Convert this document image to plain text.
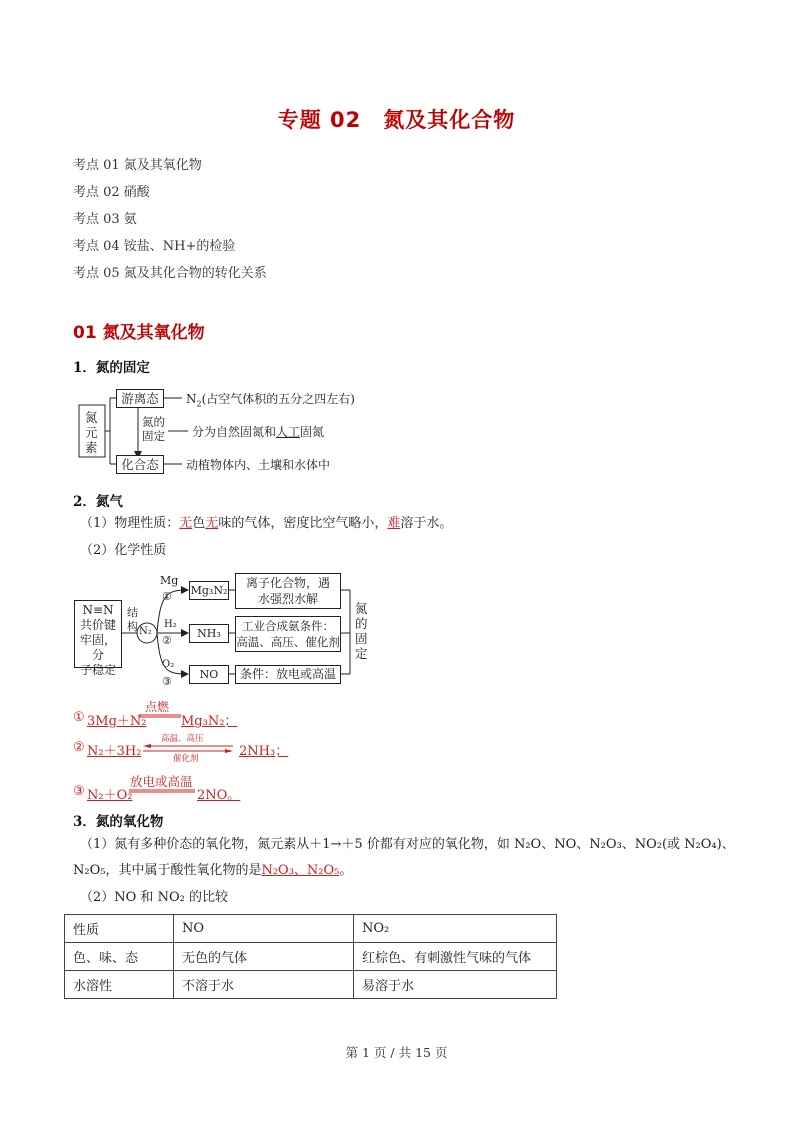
专题 02　氮及其化合物
考点 01 氮及其氧化物
考点 02 硝酸
考点 03 氨
考点 04 铵盐、NH+的检验
考点 05 氮及其化合物的转化关系
01 氮及其氧化物
1．氮的固定
氮
元
素
游离态
化合态
氮的
固定
$N_2$(占空气体积的五分之四左右)
分为自然固氮和人工固氮
动植物体内、土壤和水体中
2．氮气
（1）物理性质：无色无味的气体，密度比空气略小，难溶于水。
（2）化学性质
N≡N
共价键
牢固，分
子稳定
结
构 N₂
Mg
①
H₂
②
O₂
③
Mg₃N₂
NH₃
NO
离子化合物，遇
水强烈水解
工业合成氨条件：
高温、高压、催化剂
条件：放电或高温
氮
的
固
定
① 3Mg＋N₂
点燃
Mg₃N₂；
② N₂＋3H₂
高温、高压
催化剂	2NH₃；
③ N₂＋O₂
放电或高温
2NO。
3．氮的氧化物
（1）氮有多种价态的氧化物，氮元素从＋1→＋5 价都有对应的氧化物，如 N₂O、NO、N₂O₃、NO₂(或 N₂O₄)、
N₂O₅，其中属于酸性氧化物的是N₂O₃、N₂O₅。
（2）NO 和 NO₂ 的比较
性质	NO	NO₂
色、味、态	无色的气体	红棕色、有刺激性气味的气体
水溶性	不溶于水	易溶于水
第 1 页 / 共 15 页
